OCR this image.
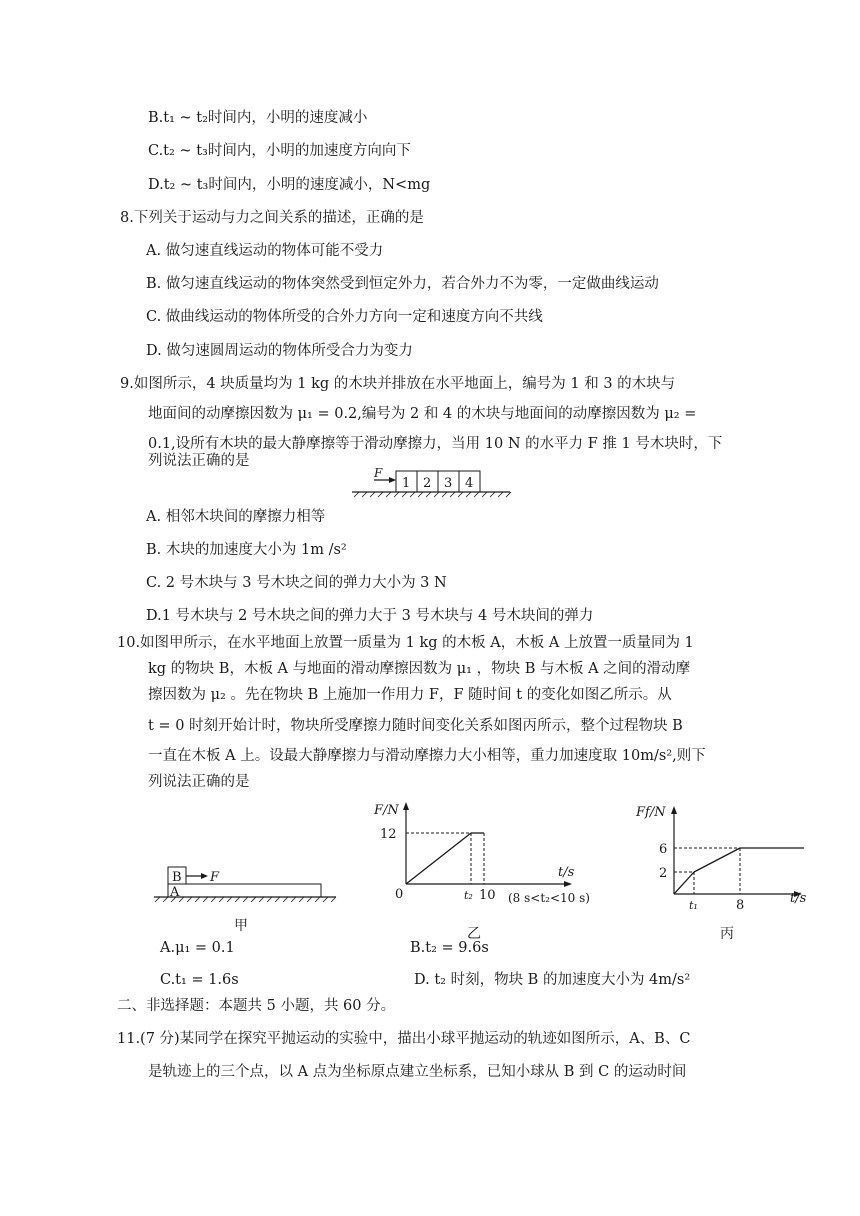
B.t₁ ~ t₂时间内，小明的速度减小
C.t₂ ~ t₃时间内，小明的加速度方向向下
D.t₂ ~ t₃时间内，小明的速度减小，N<mg
8.下列关于运动与力之间关系的描述，正确的是
A. 做匀速直线运动的物体可能不受力
B. 做匀速直线运动的物体突然受到恒定外力，若合外力不为零，一定做曲线运动
C. 做曲线运动的物体所受的合外力方向一定和速度方向不共线
D. 做匀速圆周运动的物体所受合力为变力
9.如图所示，4 块质量均为 1 kg 的木块并排放在水平地面上，编号为 1 和 3 的木块与
地面间的动摩擦因数为 μ₁ = 0.2,编号为 2 和 4 的木块与地面间的动摩擦因数为 μ₂ =
0.1,设所有木块的最大静摩擦等于滑动摩擦力，当用 10 N 的水平力 F 推 1 号木块时，下
列说法正确的是
1 2 3 4
F
A. 相邻木块间的摩擦力相等
B. 木块的加速度大小为 1m /s²
C. 2 号木块与 3 号木块之间的弹力大小为 3 N
D.1 号木块与 2 号木块之间的弹力大于 3 号木块与 4 号木块间的弹力
10.如图甲所示，在水平地面上放置一质量为 1 kg 的木板 A，木板 A 上放置一质量同为 1
kg 的物块 B，木板 A 与地面的滑动摩擦因数为 μ₁ ，物块 B 与木板 A 之间的滑动摩
擦因数为 μ₂ 。先在物块 B 上施加一作用力 F，F 随时间 t 的变化如图乙所示。从
t = 0 时刻开始计时，物块所受摩擦力随时间变化关系如图丙所示，整个过程物块 B
一直在木板 A 上。设最大静摩擦力与滑动摩擦力大小相等，重力加速度取 10m/s²,则下
列说法正确的是
B
A
F
甲
F/N
t/s
12
0	t₂ 10 (8 s<t₂<10 s)
乙
Ff/N
t/s
6
2
t₁	8
丙
A.μ₁ = 0.1	B.t₂ = 9.6s
C.t₁ = 1.6s	D. t₂ 时刻，物块 B 的加速度大小为 4m/s²
二、非选择题：本题共 5 小题，共 60 分。
11.(7 分)某同学在探究平抛运动的实验中，描出小球平抛运动的轨迹如图所示，A、B、C
是轨迹上的三个点，以 A 点为坐标原点建立坐标系，已知小球从 B 到 C 的运动时间
